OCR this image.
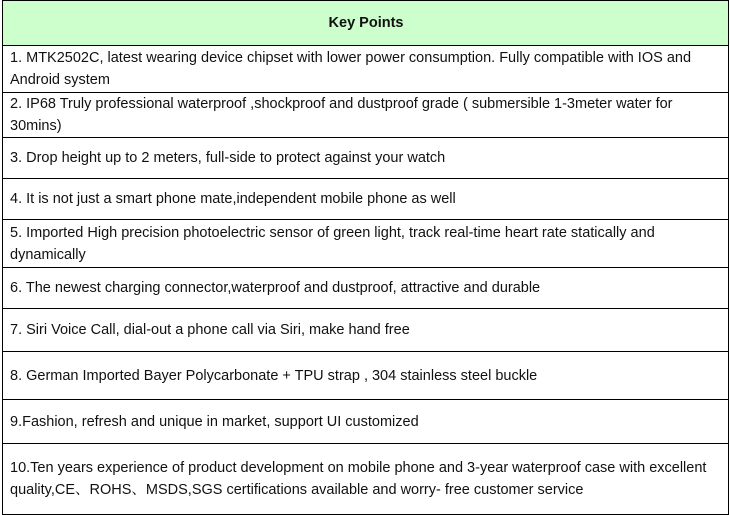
Key Points
1. MTK2502C, latest wearing device chipset with lower power consumption. Fully compatible with IOS and Android system
2. IP68 Truly professional waterproof ,shockproof and dustproof grade ( submersible 1-3meter water for 30mins)
3. Drop height up to 2 meters, full-side to protect against your watch
4. It is not just a smart phone mate,independent mobile phone as well
5. Imported High precision photoelectric sensor of green light, track real-time heart rate statically and dynamically
6. The newest charging connector,waterproof and dustproof, attractive and durable
7. Siri Voice Call, dial-out a phone call via Siri, make hand free
8. German Imported Bayer Polycarbonate + TPU strap , 304 stainless steel buckle
9.Fashion, refresh and unique in market, support UI customized
10.Ten years experience of product development on mobile phone and 3-year waterproof case with excellent quality,CE、ROHS、MSDS,SGS certifications available and worry- free customer service
